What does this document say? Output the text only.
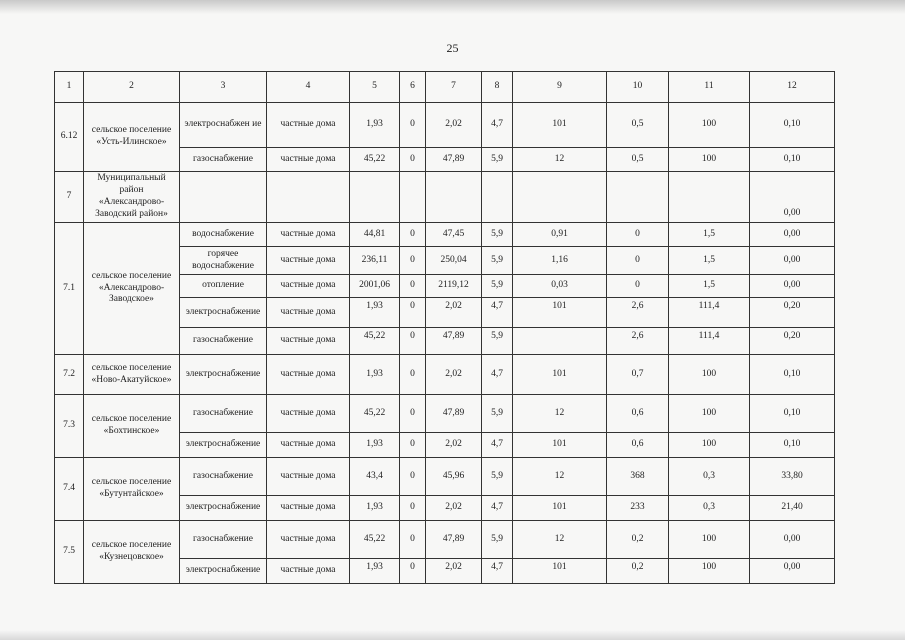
25
1	2	3	4	5	6	7	8	9	10	11	12
6.12	сельское поселение «Усть-Илинское»	электроснабжен ие	частные дома	1,93	0	2,02	4,7	101	0,5	100	0,10
		газоснабжение	частные дома	45,22	0	47,89	5,9	12	0,5	100	0,10
7	Муниципальный район «Александрово-Заводский район»										0,00
7.1	сельское поселение «Александрово-Заводское»	водоснабжение	частные дома	44,81	0	47,45	5,9	0,91	0	1,5	0,00
		горячее водоснабжение	частные дома	236,11	0	250,04	5,9	1,16	0	1,5	0,00
		отопление	частные дома	2001,06	0	2119,12	5,9	0,03	0	1,5	0,00
		электроснабжение	частные дома	1,93	0	2,02	4,7	101	2,6	111,4	0,20
		газоснабжение	частные дома	45,22	0	47,89	5,9		2,6	111,4	0,20
7.2	сельское поселение «Ново-Акатуйское»	электроснабжение	частные дома	1,93	0	2,02	4,7	101	0,7	100	0,10
7.3	сельское поселение «Бохтинское»	газоснабжение	частные дома	45,22	0	47,89	5,9	12	0,6	100	0,10
		электроснабжение	частные дома	1,93	0	2,02	4,7	101	0,6	100	0,10
7.4	сельское поселение «Бутунтайское»	газоснабжение	частные дома	43,4	0	45,96	5,9	12	368	0,3	33,80
		электроснабжение	частные дома	1,93	0	2,02	4,7	101	233	0,3	21,40
7.5	сельское поселение «Кузнецовское»	газоснабжение	частные дома	45,22	0	47,89	5,9	12	0,2	100	0,00
		электроснабжение	частные дома	1,93	0	2,02	4,7	101	0,2	100	0,00
